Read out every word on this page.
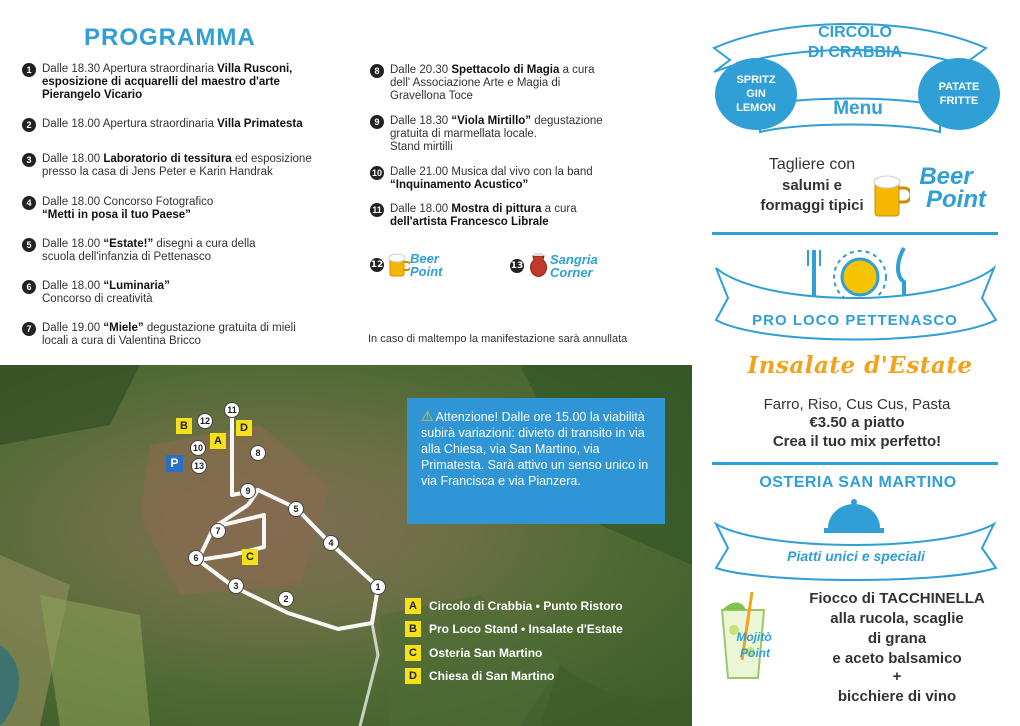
PROGRAMMA
1 Dalle 18.30 Apertura straordinaria Villa Rusconi,
esposizione di acquarelli del maestro d'arte
Pierangelo Vicario
2 Dalle 18.00 Apertura straordinaria Villa Primatesta
3 Dalle 18.00 Laboratorio di tessitura ed esposizione
presso la casa di Jens Peter e Karin Handrak
4 Dalle 18.00 Concorso Fotografico
“Metti in posa il tuo Paese”
5 Dalle 18.00 “Estate!” disegni a cura della
scuola dell'infanzia di Pettenasco
6 Dalle 18.00 “Luminaria”
Concorso di creatività
7 Dalle 19.00 “Miele” degustazione gratuita di mieli
locali a cura di Valentina Bricco
8 Dalle 20.30 Spettacolo di Magia a cura
dell' Associazione Arte e Magia di
Gravellona Toce
9 Dalle 18.30 “Viola Mirtillo” degustazione
gratuita di marmellata locale.
Stand mirtilli
10 Dalle 21.00 Musica dal vivo con la band
“Inquinamento Acustico”
11 Dalle 18.00 Mostra di pittura a cura
dell'artista Francesco Librale
12 Beer Point	13 Sangria Corner
In caso di maltempo la manifestazione sarà annullata
11
12
10
13
8
9
5
7
4
6
3	1
2
B
A
D
C
P
⚠ Attenzione! Dalle ore 15.00 la viabilità subirà variazioni: divieto di transito in via alla Chiesa, via San Martino, via Primatesta. Sarà attivo un senso unico in via Francisca e via Pianzera.
A	Circolo di Crabbia • Punto Ristoro
B	Pro Loco Stand • Insalate d'Estate
C	Osteria San Martino
D	Chiesa di San Martino
CIRCOLO
DI CRABBIA
SPRITZ GIN LEMON
PATATE FRITTE
Menu
Tagliere con
salumi e
formaggi tipici
Beer
Point
PRO LOCO PETTENASCO
Insalate d'Estate
Farro, Riso, Cus Cus, Pasta
€3.50 a piatto
Crea il tuo mix perfetto!
OSTERIA SAN MARTINO
Piatti unici e speciali
Mojitò
Point
Fiocco di TACCHINELLA
alla rucola, scaglie
di grana
e aceto balsamico
+
bicchiere di vino
